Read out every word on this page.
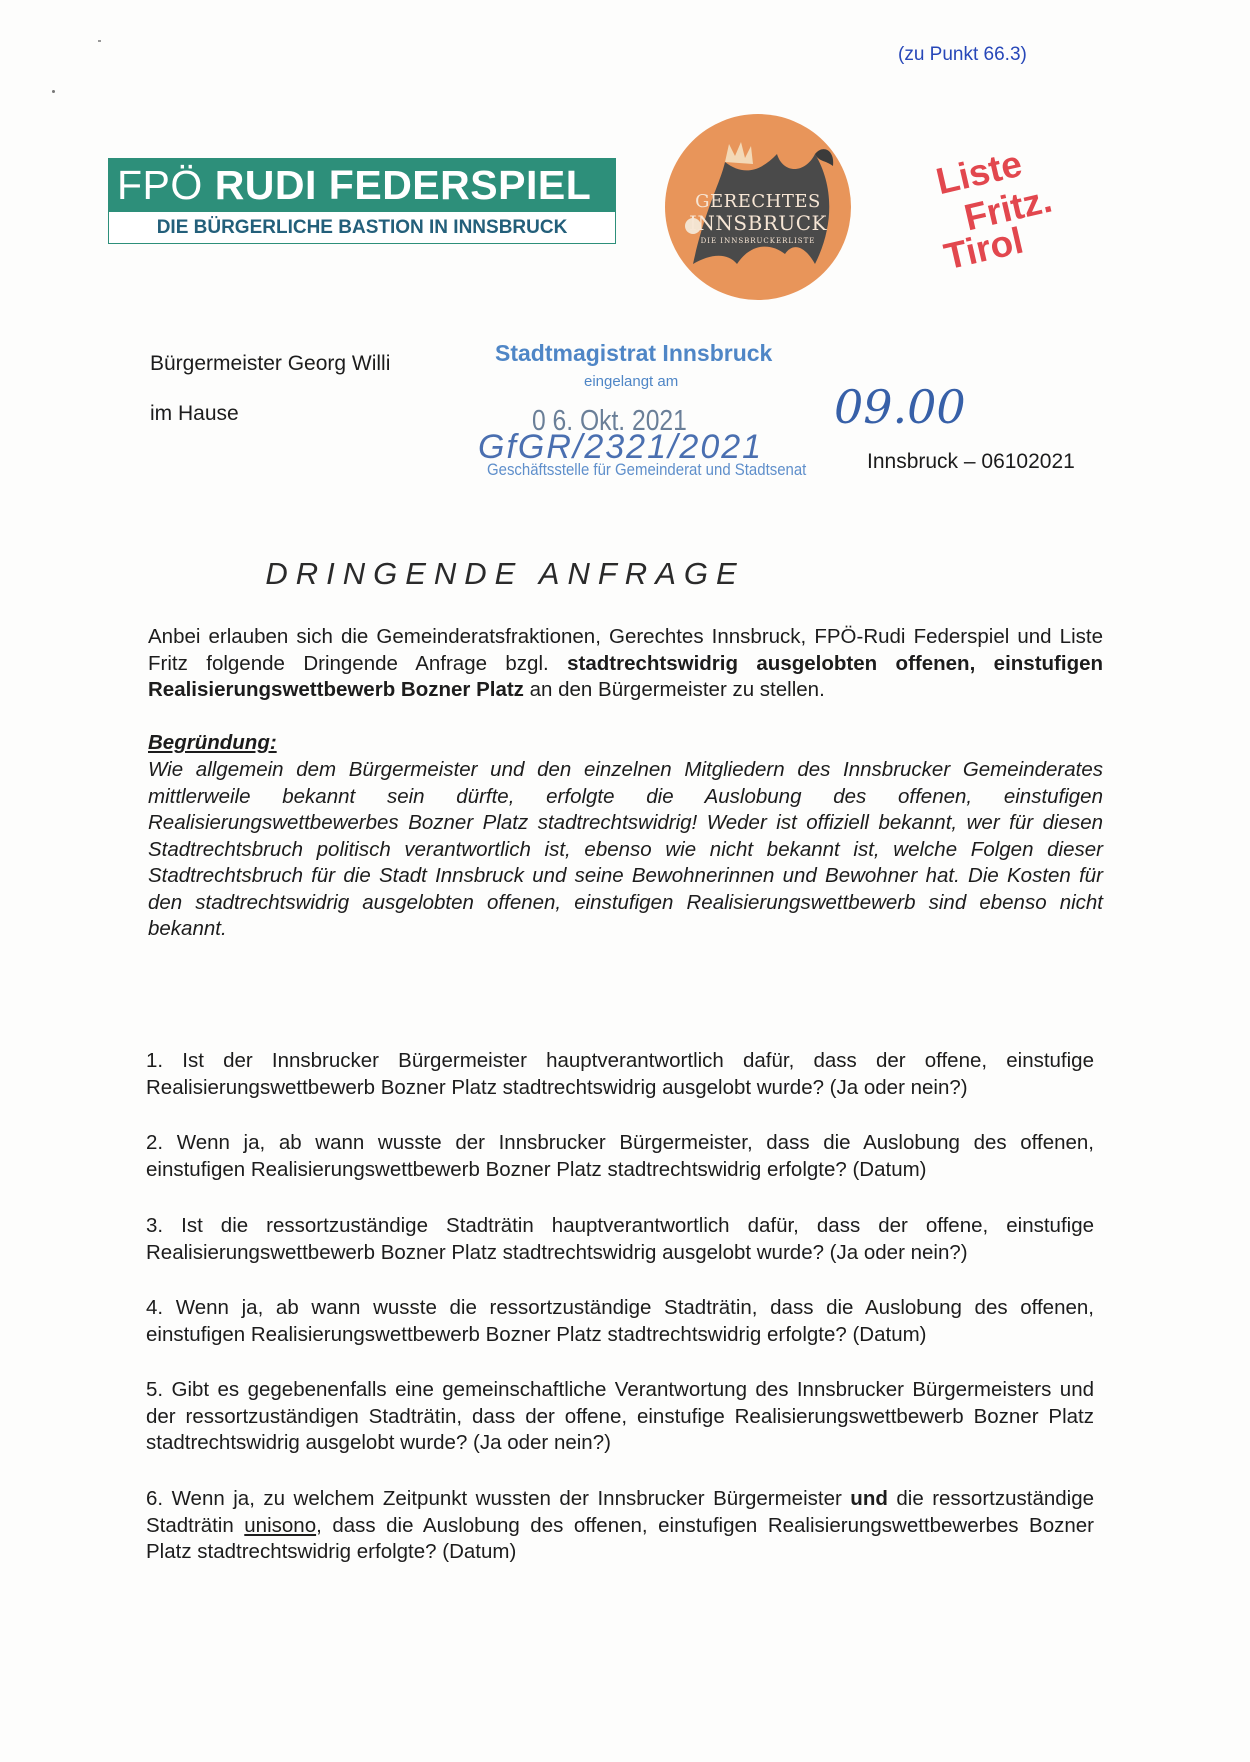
(zu Punkt 66.3)
FPÖ RUDI FEDERSPIEL
DIE BÜRGERLICHE BASTION IN INNSBRUCK
GERECHTES
INNSBRUCK
DIE INNSBRUCKERLISTE
Liste
Fritz.
Tirol
Bürgermeister Georg Willi
im Hause
Stadtmagistrat Innsbruck
eingelangt am
0 6. Okt. 2021
GfGR/2321/2021
Geschäftsstelle für Gemeinderat und Stadtsenat
09.00
Innsbruck – 06102021
DRINGENDE ANFRAGE
Anbei erlauben sich die Gemeinderatsfraktionen, Gerechtes Innsbruck, FPÖ-Rudi Federspiel und Liste Fritz folgende Dringende Anfrage bzgl. stadtrechtswidrig ausgelobten offenen, einstufigen Realisierungswettbewerb Bozner Platz an den Bürgermeister zu stellen.
Begründung:
Wie allgemein dem Bürgermeister und den einzelnen Mitgliedern des Innsbrucker Gemeinderates mittlerweile bekannt sein dürfte, erfolgte die Auslobung des offenen, einstufigen Realisierungswettbewerbes Bozner Platz stadtrechtswidrig! Weder ist offiziell bekannt, wer für diesen Stadtrechtsbruch politisch verantwortlich ist, ebenso wie nicht bekannt ist, welche Folgen dieser Stadtrechtsbruch für die Stadt Innsbruck und seine Bewohnerinnen und Bewohner hat. Die Kosten für den stadtrechtswidrig ausgelobten offenen, einstufigen Realisierungswettbewerb sind ebenso nicht bekannt.
1. Ist der Innsbrucker Bürgermeister hauptverantwortlich dafür, dass der offene, einstufige Realisierungswettbewerb Bozner Platz stadtrechtswidrig ausgelobt wurde? (Ja oder nein?)
2. Wenn ja, ab wann wusste der Innsbrucker Bürgermeister, dass die Auslobung des offenen, einstufigen Realisierungswettbewerb Bozner Platz stadtrechtswidrig erfolgte? (Datum)
3. Ist die ressortzuständige Stadträtin hauptverantwortlich dafür, dass der offene, einstufige Realisierungswettbewerb Bozner Platz stadtrechtswidrig ausgelobt wurde? (Ja oder nein?)
4. Wenn ja, ab wann wusste die ressortzuständige Stadträtin, dass die Auslobung des offenen, einstufigen Realisierungswettbewerb Bozner Platz stadtrechtswidrig erfolgte? (Datum)
5. Gibt es gegebenenfalls eine gemeinschaftliche Verantwortung des Innsbrucker Bürgermeisters und der ressortzuständigen Stadträtin, dass der offene, einstufige Realisierungswettbewerb Bozner Platz stadtrechtswidrig ausgelobt wurde? (Ja oder nein?)
6. Wenn ja, zu welchem Zeitpunkt wussten der Innsbrucker Bürgermeister und die ressortzuständige Stadträtin unisono, dass die Auslobung des offenen, einstufigen Realisierungswettbewerbes Bozner Platz stadtrechtswidrig erfolgte? (Datum)
